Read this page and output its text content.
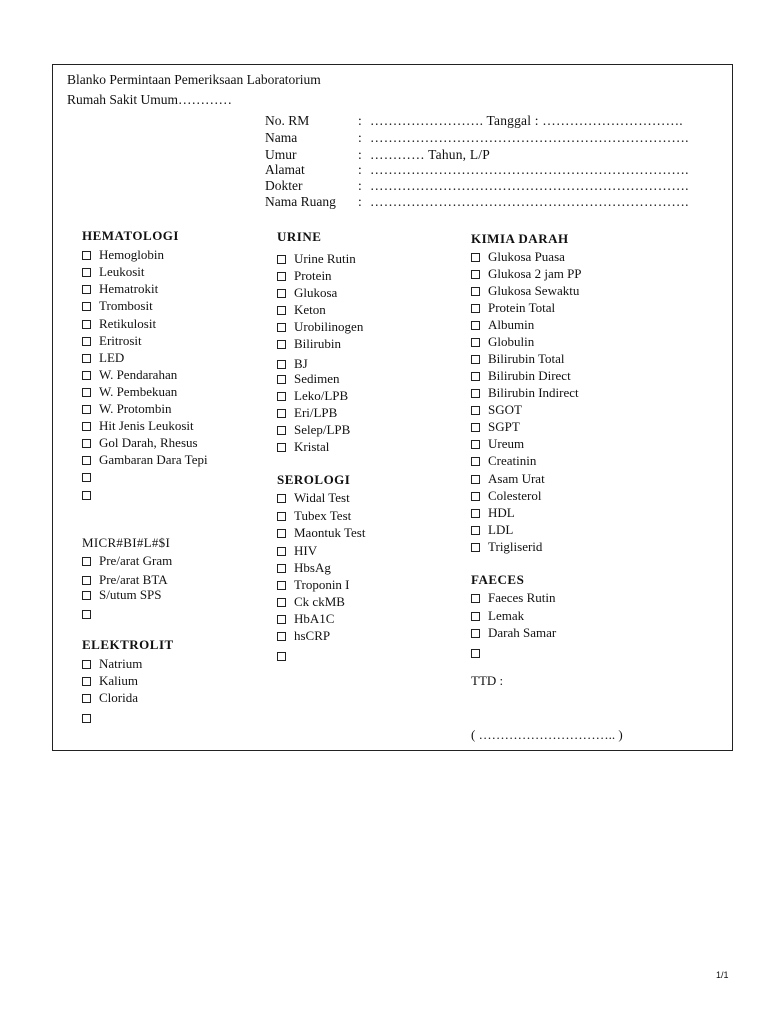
Blanko Permintaan Pemeriksaan Laboratorium
Rumah Sakit Umum…………
No. RM	: ……………………. Tanggal : ………………………….
Nama	: …………………………………………………………….
Umur	: ………… Tahun, L/P
Alamat	: …………………………………………………………….
Dokter	: …………………………………………………………….
Nama Ruang : …………………………………………………………….
HEMATOLOGI
Hemoglobin
Leukosit
Hematrokit
Trombosit
Retikulosit
Eritrosit
LED
W. Pendarahan
W. Pembekuan
W. Protombin
Hit Jenis Leukosit
Gol Darah, Rhesus
Gambaran Dara Tepi
MICR#BI#L#$I
Pre/arat Gram
Pre/arat BTA
S/utum SPS
ELEKTROLIT
Natrium
Kalium
Clorida
URINE
Urine Rutin
Protein
Glukosa
Keton
Urobilinogen
Bilirubin
BJ
Sedimen
Leko/LPB
Eri/LPB
Selep/LPB
Kristal
SEROLOGI
Widal Test
Tubex Test
Maontuk Test
HIV
HbsAg
Troponin I
Ck ckMB
HbA1C
hsCRP
KIMIA DARAH
Glukosa Puasa
Glukosa 2 jam PP
Glukosa Sewaktu
Protein Total
Albumin
Globulin
Bilirubin Total
Bilirubin Direct
Bilirubin Indirect
SGOT
SGPT
Ureum
Creatinin
Asam Urat
Colesterol
HDL
LDL
Trigliserid
FAECES
Faeces Rutin
Lemak
Darah Samar
TTD :
( ………………………….. )
1/1
